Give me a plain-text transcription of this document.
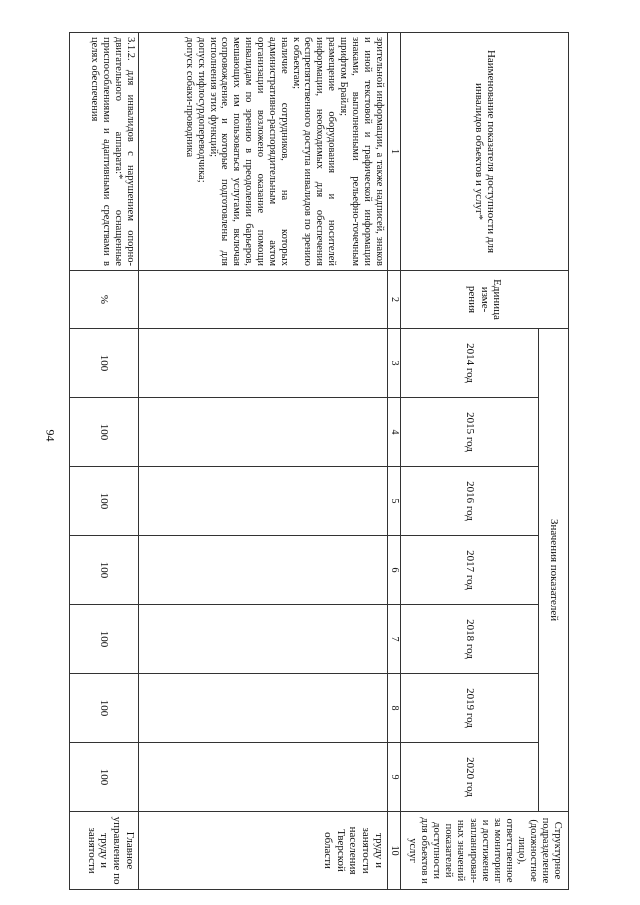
94
Наименование показателя доступности для инвалидов объектов и услуг*	Единица изме-рения	Значения показателей							Структурное подразделение (должностное лицо), ответственное за мониторинг и достижение запланирован-ных значений показателей доступности для объектов и услуг
		2014 год	2015 год	2016 год	2017 год	2018 год	2019 год	2020 год	
1	2	3	4	5	6	7	8	9	10

зрительной информации, а также надписей, знаков и иной текстовой и графической информации знаками, выполненными рельефно-точечным шрифтом Брайля;

размещение оборудования и носителей информации, необходимых для обеспечения беспрепятственного доступа инвалидов по зрению к объектам;

наличие сотрудников, на которых административно-распорядительным актом организации возложено оказание помощи инвалидам по зрению в преодолении барьеров, мешающих им пользоваться услугами, включая сопровождение, и которые подготовлены для исполнения этих функций;

допуск тифлосурдопереводчика;

допуск собаки-проводника									труду и занятости населения Тверской области
3.1.2. для инвалидов с нарушением опорно-двигательного аппарата:* оснащенные приспособлениями и адаптивными средствами в целях обеспечения	%	100	100	100	100	100	100	100	Главное управление по труду и занятости
